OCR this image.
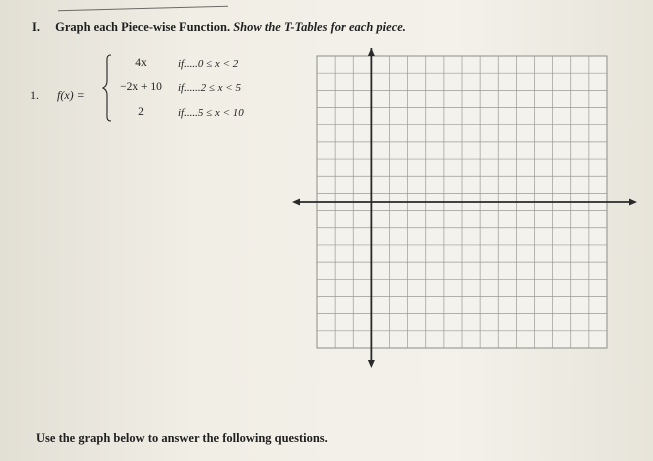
I. Graph each Piece-wise Function. Show the T-Tables for each piece.
1. f(x) =
4x	if.....0 ≤ x < 2
−2x + 10	if......2 ≤ x < 5
2	if.....5 ≤ x < 10
Use the graph below to answer the following questions.
